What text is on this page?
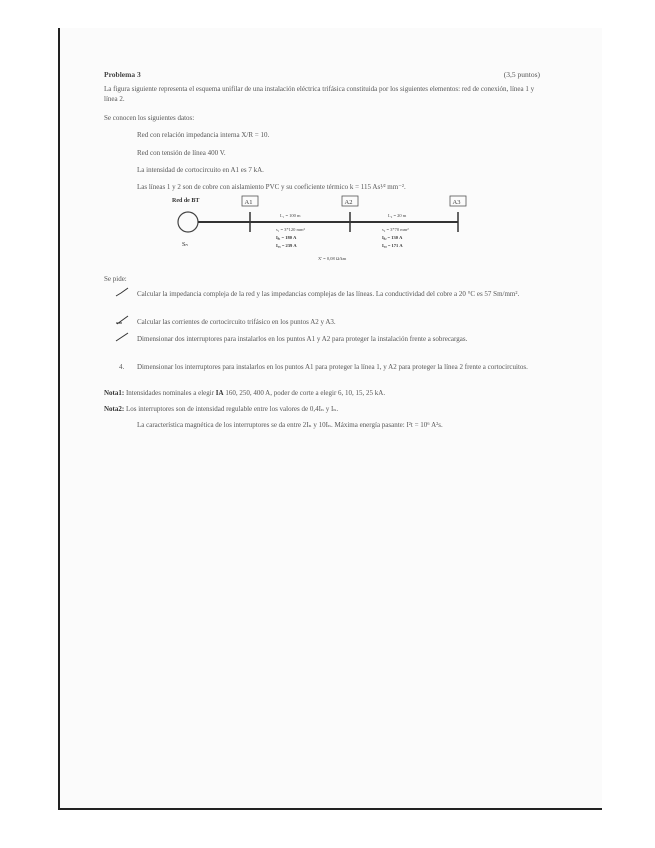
Problema 3	(3,5 puntos)
La figura siguiente representa el esquema unifilar de una instalación eléctrica trifásica constituida por los siguientes elementos: red de conexión, línea 1 y línea 2.
Se conocen los siguientes datos:
Red con relación impedancia interna X/R = 10.
Red con tensión de línea 400 V.
La intensidad de cortocircuito en A1 es 7 kA.
Las líneas 1 y 2 son de cobre con aislamiento PVC y su coeficiente térmico k = 115 As¹⁄² mm⁻².
Red de BT
Sₙ
A1	A2	A3
L₁ = 100 m
s₁ = 3*120 mm²
Iᵦ₁ = 180 A
Iᵩ₁ = 239 A
L₂ = 20 m
s₂ = 3*70 mm²
Iᵦ₂ = 130 A
Iᵩ₂ = 171 A
X' = 0,08 Ω/km
Se pide:
Calcular la impedancia compleja de la red y las impedancias complejas de las líneas. La conductividad del cobre a 20 °C es 57 Sm/mm².
Calcular las corrientes de cortocircuito trifásico en los puntos A2 y A3.
Dimensionar dos interruptores para instalarlos en los puntos A1 y A2 para proteger la instalación frente a sobrecargas.
4. Dimensionar los interruptores para instalarlos en los puntos A1 para proteger la línea 1, y A2 para proteger la línea 2 frente a cortocircuitos.
Nota1: Intensidades nominales a elegir IA 160, 250, 400 A, poder de corte a elegir 6, 10, 15, 25 kA.
Nota2: Los interruptores son de intensidad regulable entre los valores de 0,4Iₙ y Iₙ.
La característica magnética de los interruptores se da entre 2Iₙ y 10Iₙ. Máxima energía pasante: I²t = 10⁶ A²s.
